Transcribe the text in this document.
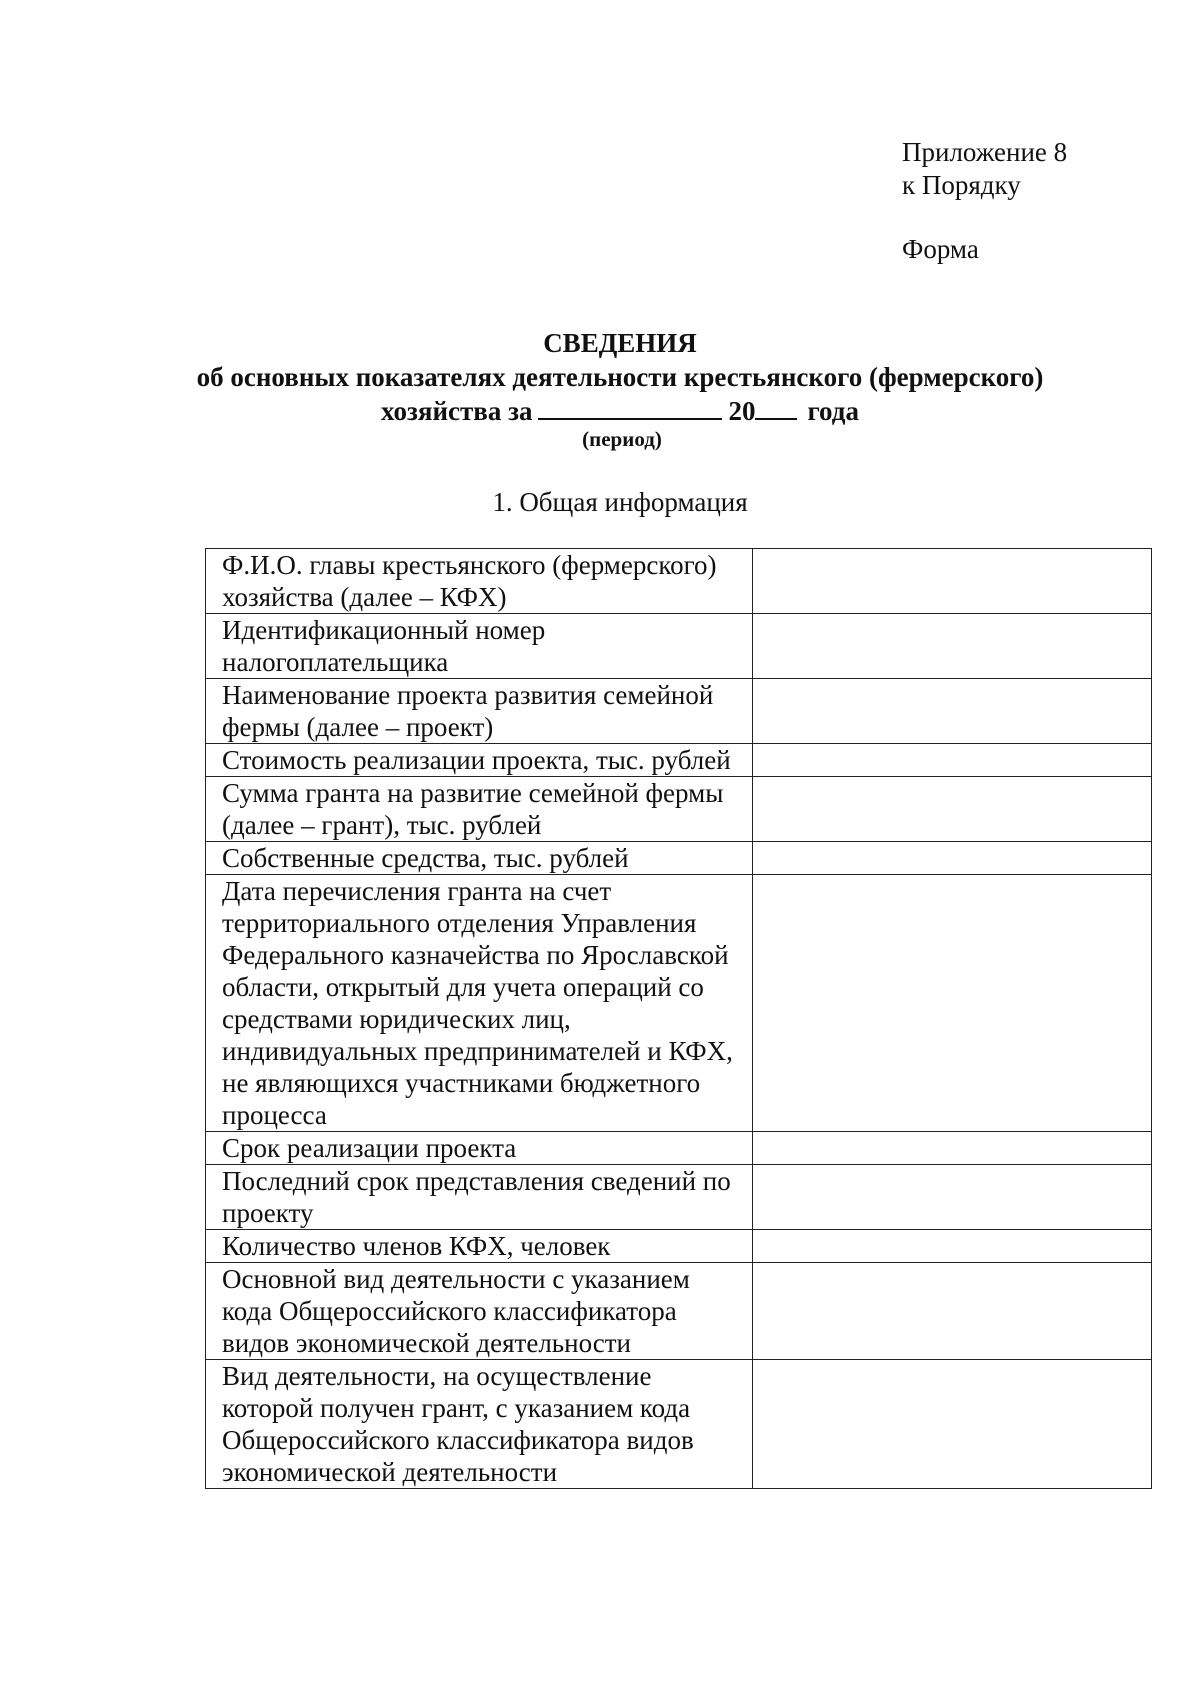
Приложение 8
к Порядку
Форма
СВЕДЕНИЯ
об основных показателях деятельности крестьянского (фермерского)
хозяйства за	20 года
(период)
1. Общая информация
Ф.И.О. главы крестьянского (фермерского) хозяйства (далее – КФХ)	
Идентификационный номер налогоплательщика	
Наименование проекта развития семейной фермы (далее – проект)	
Стоимость реализации проекта, тыс. рублей	
Сумма гранта на развитие семейной фермы (далее – грант), тыс. рублей	
Собственные средства, тыс. рублей	
Дата перечисления гранта на счет территориального отделения Управления Федерального казначейства по Ярославской области, открытый для учета операций со средствами юридических лиц, индивидуальных предпринимателей и КФХ, не являющихся участниками бюджетного процесса	
Срок реализации проекта	
Последний срок представления сведений по проекту	
Количество членов КФХ, человек	
Основной вид деятельности с указанием кода Общероссийского классификатора видов экономической деятельности	
Вид деятельности, на осуществление которой получен грант, с указанием кода Общероссийского классификатора видов экономической деятельности	
